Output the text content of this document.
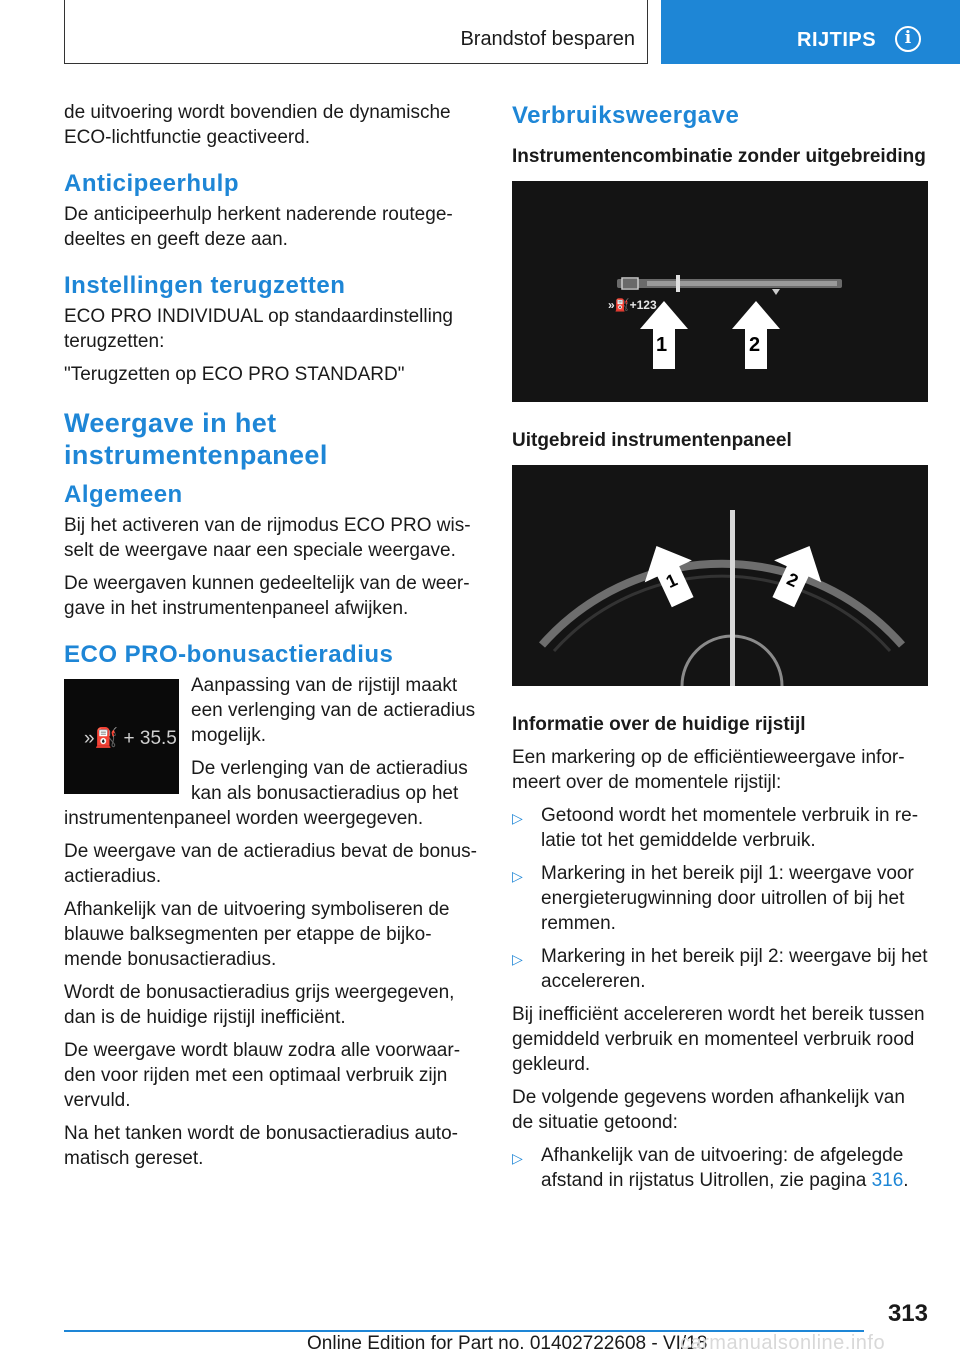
Brandstof besparen	RIJTIPS	i

de uitvoering wordt bovendien de dynamische ECO-lichtfunctie geactiveerd.

Anticipeerhulp

De anticipeerhulp herkent naderende routegedeeltes en geeft deze aan.

Instellingen terugzetten

ECO PRO INDIVIDUAL op standaardinstelling terugzetten:

"Terugzetten op ECO PRO STANDARD"

Weergave in het instrumentenpaneel
Algemeen

Bij het activeren van de rijmodus ECO PRO wisselt de weergave naar een speciale weergave.

De weergaven kunnen gedeeltelijk van de weergave in het instrumentenpaneel afwijken.

ECO PRO-bonusactieradius
»⛽ + 35.5

Aanpassing van de rijstijl maakt een verlenging van de actieradius mogelijk.

De verlenging van de actieradius kan als bonusactieradius op het instrumentenpaneel worden weergegeven.

De weergave van de actieradius bevat de bonusactieradius.

Afhankelijk van de uitvoering symboliseren de blauwe balksegmenten per etappe de bijkomende bonusactieradius.

Wordt de bonusactieradius grijs weergegeven, dan is de huidige rijstijl inefficiënt.

De weergave wordt blauw zodra alle voorwaarden voor rijden met een optimaal verbruik zijn vervuld.

Na het tanken wordt de bonusactieradius automatisch gereset.

Verbruiksweergave
Instrumentencombinatie zonder uitgebreiding
»⛽+123
1	2
Uitgebreid instrumentenpaneel
1	2
Informatie over de huidige rijstijl

Een markering op de efficiëntieweergave informeert over de momentele rijstijl:

▷ Getoond wordt het momentele verbruik in relatie tot het gemiddelde verbruik.

▷ Markering in het bereik pijl 1: weergave voor energieterugwinning door uitrollen of bij het remmen.

▷ Markering in het bereik pijl 2: weergave bij het accelereren.

Bij inefficiënt accelereren wordt het bereik tussen gemiddeld verbruik en momenteel verbruik rood gekleurd.

De volgende gegevens worden afhankelijk van de situatie getoond:

▷ Afhankelijk van de uitvoering: de afgelegde afstand in rijstatus Uitrollen, zie pagina 316.

313
Online Edition for Part no. 01402722608 - VI/18
carmanualsonline.info
